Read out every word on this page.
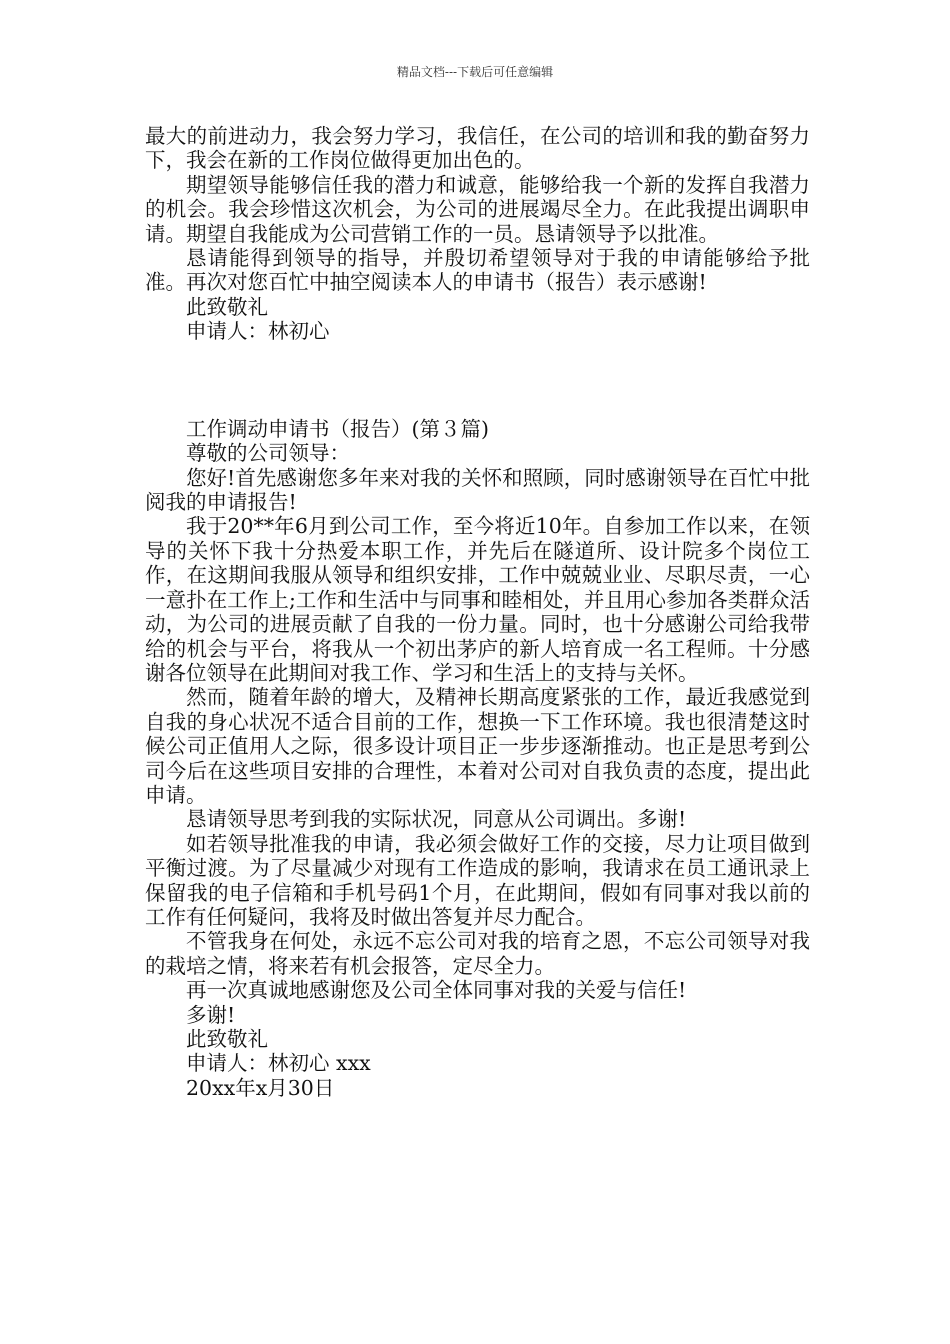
精品文档---下载后可任意编辑

最大的前进动力，我会努力学习，我信任，在公司的培训和我的勤奋努力下，我会在新的工作岗位做得更加出色的。

期望领导能够信任我的潜力和诚意，能够给我一个新的发挥自我潜力的机会。我会珍惜这次机会，为公司的进展竭尽全力。在此我提出调职申请。期望自我能成为公司营销工作的一员。恳请领导予以批准。

恳请能得到领导的指导，并殷切希望领导对于我的申请能够给予批准。再次对您百忙中抽空阅读本人的申请书（报告）表示感谢!

此致敬礼

申请人：林初心

工作调动申请书（报告）(第３篇)

尊敬的公司领导：

您好!首先感谢您多年来对我的关怀和照顾，同时感谢领导在百忙中批阅我的申请报告!

我于20**年6月到公司工作，至今将近10年。自参加工作以来，在领导的关怀下我十分热爱本职工作，并先后在隧道所、设计院多个岗位工作，在这期间我服从领导和组织安排，工作中兢兢业业、尽职尽责，一心一意扑在工作上;工作和生活中与同事和睦相处，并且用心参加各类群众活动，为公司的进展贡献了自我的一份力量。同时，也十分感谢公司给我带给的机会与平台，将我从一个初出茅庐的新人培育成一名工程师。十分感谢各位领导在此期间对我工作、学习和生活上的支持与关怀。

然而，随着年龄的增大，及精神长期高度紧张的工作，最近我感觉到自我的身心状况不适合目前的工作，想换一下工作环境。我也很清楚这时候公司正值用人之际，很多设计项目正一步步逐渐推动。也正是思考到公司今后在这些项目安排的合理性，本着对公司对自我负责的态度，提出此申请。

恳请领导思考到我的实际状况，同意从公司调出。多谢!

如若领导批准我的申请，我必须会做好工作的交接，尽力让项目做到平衡过渡。为了尽量减少对现有工作造成的影响，我请求在员工通讯录上保留我的电子信箱和手机号码1个月，在此期间，假如有同事对我以前的工作有任何疑问，我将及时做出答复并尽力配合。

不管我身在何处，永远不忘公司对我的培育之恩，不忘公司领导对我的栽培之情，将来若有机会报答，定尽全力。

再一次真诚地感谢您及公司全体同事对我的关爱与信任!

多谢!

此致敬礼

申请人：林初心 xxx

20xx年x月30日
